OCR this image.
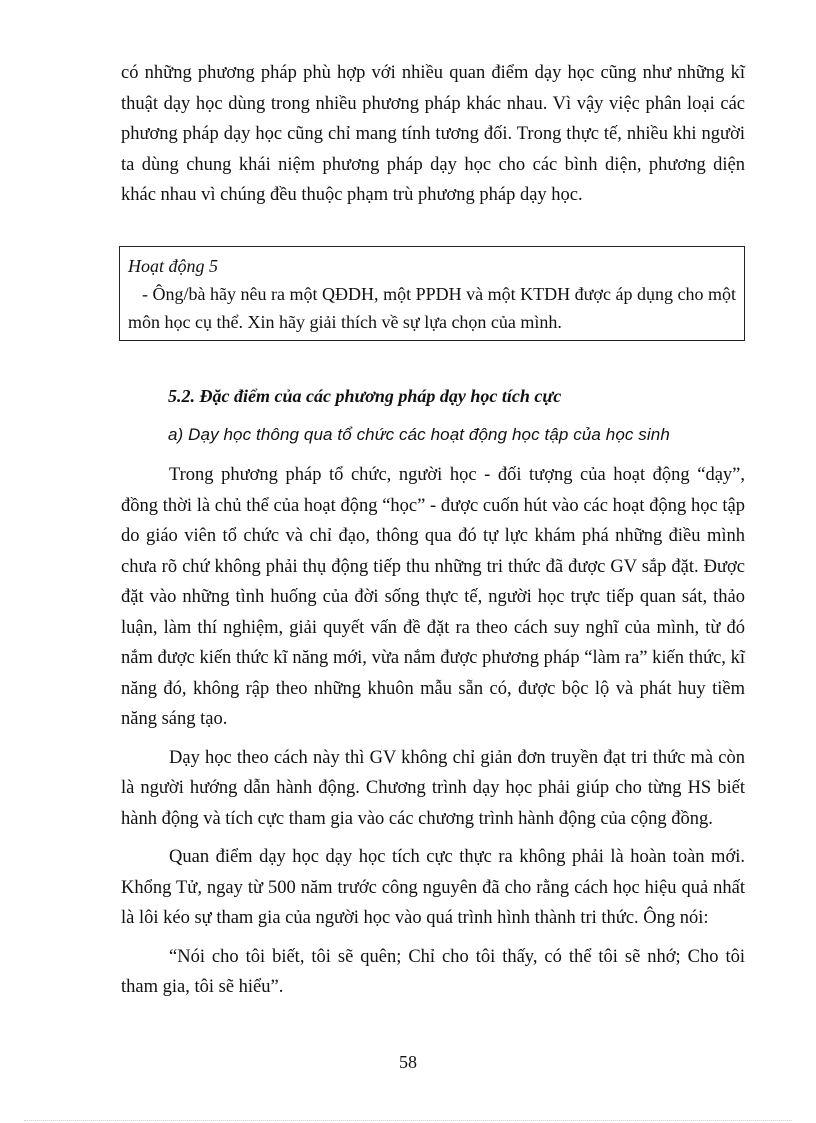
có những phương pháp phù hợp với nhiều quan điểm dạy học cũng như những kĩ thuật dạy học dùng trong nhiều phương pháp khác nhau. Vì vậy việc phân loại các phương pháp dạy học cũng chỉ mang tính tương đối. Trong thực tế, nhiều khi người ta dùng chung khái niệm phương pháp dạy học cho các bình diện, phương diện khác nhau vì chúng đều thuộc phạm trù phương pháp dạy học.

Hoạt động 5
- Ông/bà hãy nêu ra một QĐDH, một PPDH và một KTDH được áp dụng cho một môn học cụ thể. Xin hãy giải thích về sự lựa chọn của mình.
5.2. Đặc điểm của các phương pháp dạy học tích cực
a) Dạy học thông qua tổ chức các hoạt động học tập của học sinh

Trong phương pháp tổ chức, người học - đối tượng của hoạt động “dạy”, đồng thời là chủ thể của hoạt động “học” - được cuốn hút vào các hoạt động học tập do giáo viên tổ chức và chỉ đạo, thông qua đó tự lực khám phá những điều mình chưa rõ chứ không phải thụ động tiếp thu những tri thức đã được GV sắp đặt. Được đặt vào những tình huống của đời sống thực tế, người học trực tiếp quan sát, thảo luận, làm thí nghiệm, giải quyết vấn đề đặt ra theo cách suy nghĩ của mình, từ đó nắm được kiến thức kĩ năng mới, vừa nắm được phương pháp “làm ra” kiến thức, kĩ năng đó, không rập theo những khuôn mẫu sẵn có, được bộc lộ và phát huy tiềm năng sáng tạo.

Dạy học theo cách này thì GV không chỉ giản đơn truyền đạt tri thức mà còn là người hướng dẫn hành động. Chương trình dạy học phải giúp cho từng HS biết hành động và tích cực tham gia vào các chương trình hành động của cộng đồng.

Quan điểm dạy học dạy học tích cực thực ra không phải là hoàn toàn mới. Khổng Tử, ngay từ 500 năm trước công nguyên đã cho rằng cách học hiệu quả nhất là lôi kéo sự tham gia của người học vào quá trình hình thành tri thức. Ông nói:

“Nói cho tôi biết, tôi sẽ quên; Chỉ cho tôi thấy, có thể tôi sẽ nhớ; Cho tôi tham gia, tôi sẽ hiểu”.

58
